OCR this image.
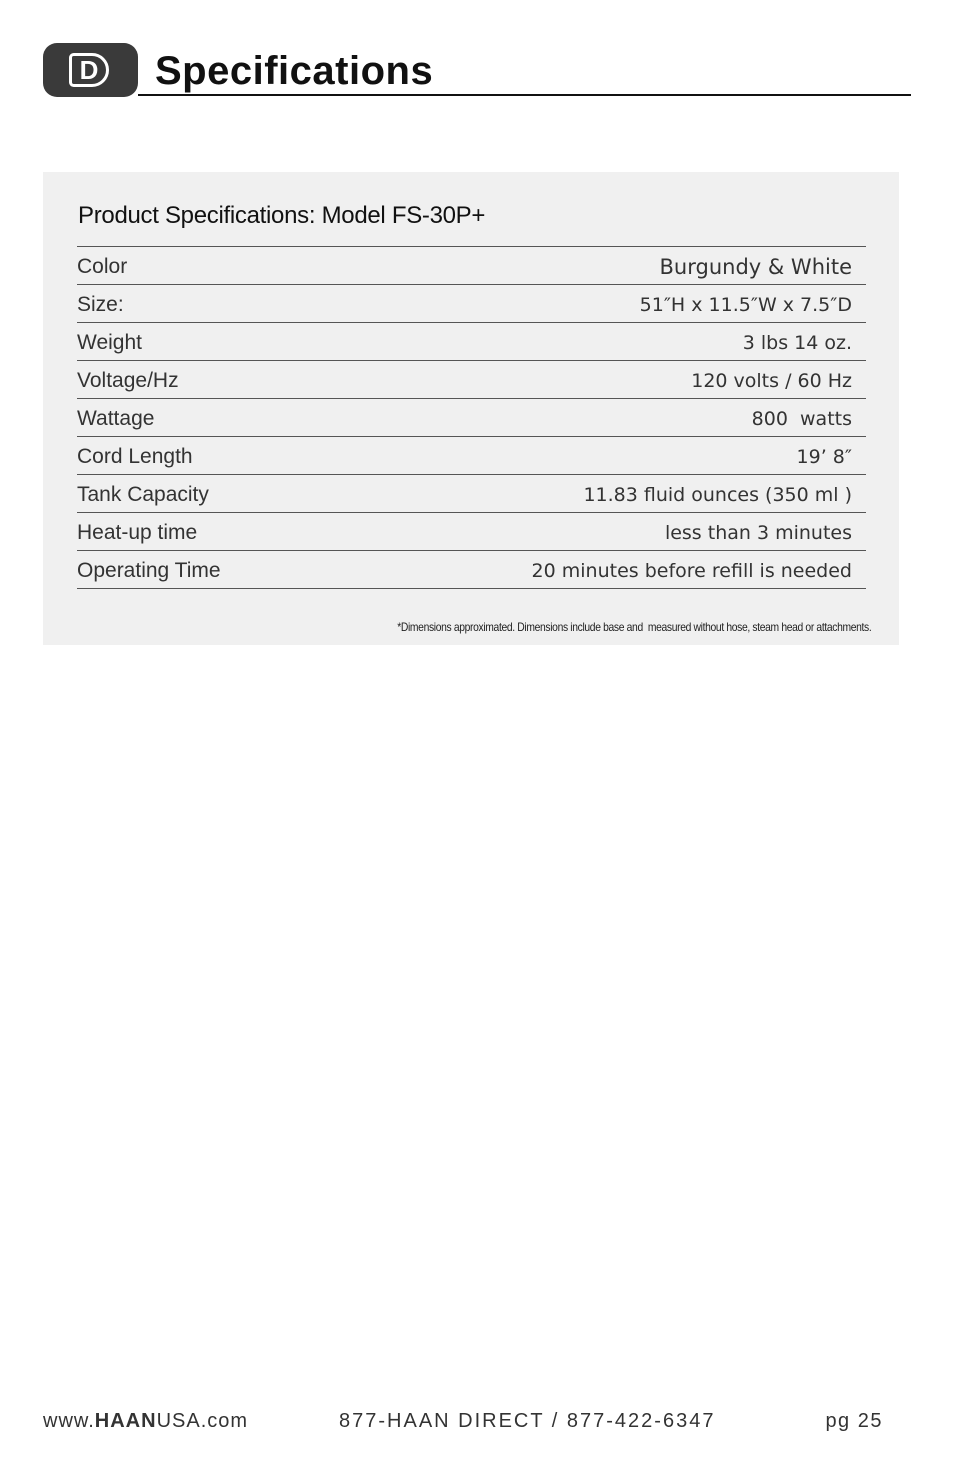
D Specifications
Product Specifications: Model FS-30P+
Color	Burgundy & White
Size:	51″H x 11.5″W x 7.5″D
Weight	3 lbs 14 oz.
Voltage/Hz	120 volts / 60 Hz
Wattage	800  watts
Cord Length	19’ 8″
Tank Capacity	11.83 fluid ounces (350 ml )
Heat-up time	less than 3 minutes
Operating Time	20 minutes before refill is needed
*Dimensions approximated. Dimensions include base and  measured without hose, steam head or attachments.
www.HAANUSA.com	877-HAAN DIRECT / 877-422-6347	pg 25
